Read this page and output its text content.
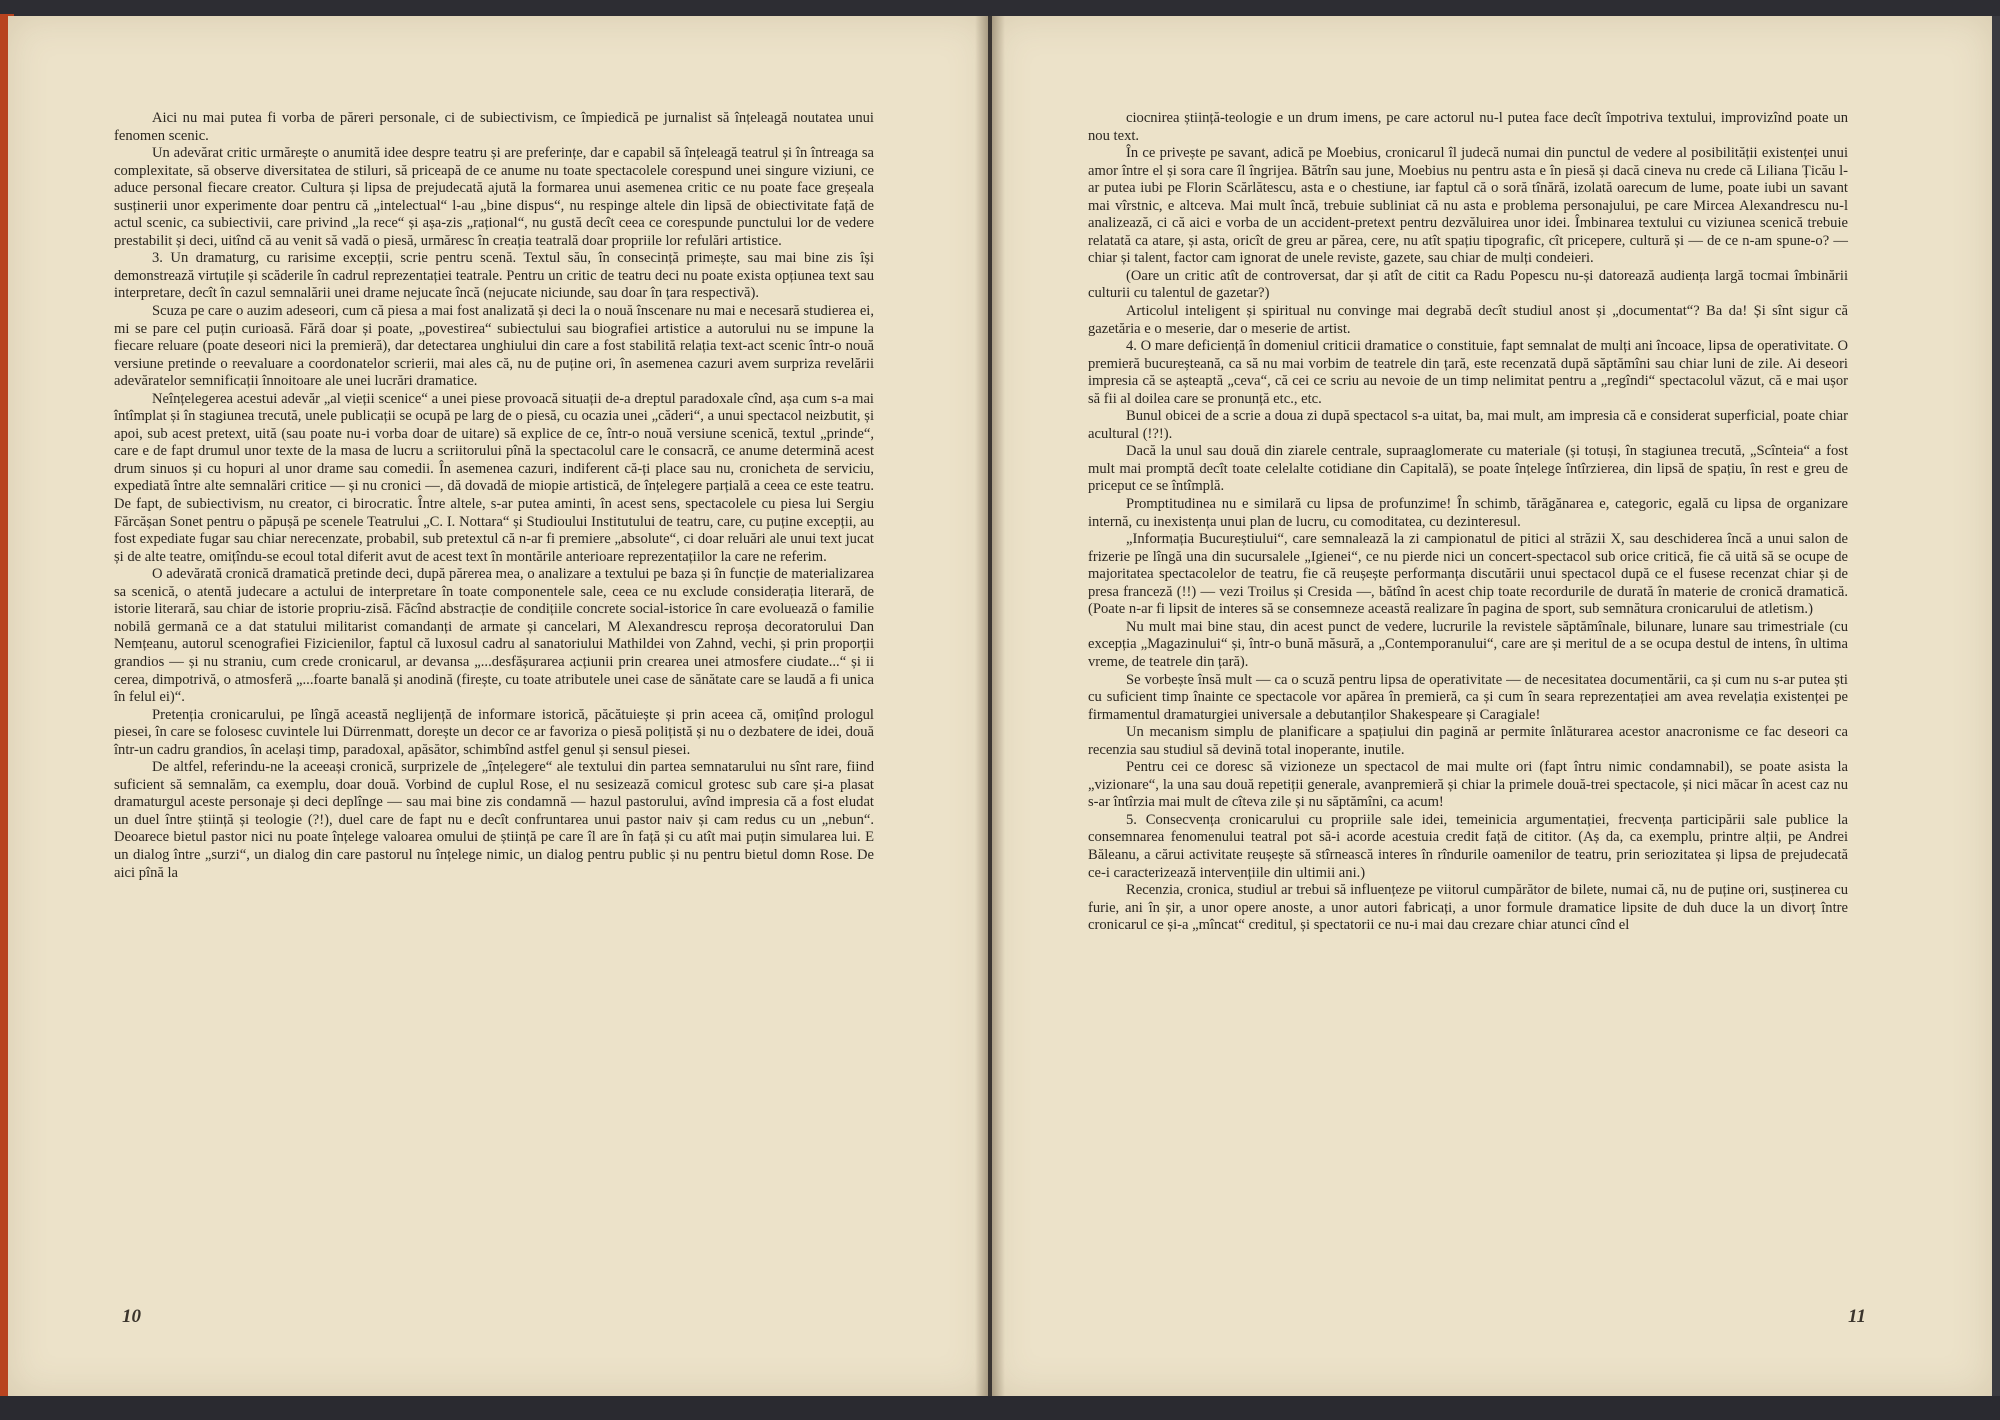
Aici nu mai putea fi vorba de păreri personale, ci de subiectivism, ce împiedică pe jurnalist să înțeleagă noutatea unui fenomen scenic.

Un adevărat critic urmărește o anumită idee despre teatru și are preferințe, dar e capabil să înțeleagă teatrul și în întreaga sa complexitate, să observe diversitatea de stiluri, să priceapă de ce anume nu toate spectacolele corespund unei singure viziuni, ce aduce personal fiecare creator. Cultura și lipsa de prejudecată ajută la formarea unui asemenea critic ce nu poate face greșeala susținerii unor experimente doar pentru că „intelectual“ l-au „bine dispus“, nu respinge altele din lipsă de obiectivitate față de actul scenic, ca subiectivii, care privind „la rece“ și așa-zis „rațional“, nu gustă decît ceea ce corespunde punctului lor de vedere prestabilit și deci, uitînd că au venit să vadă o piesă, urmăresc în creația teatrală doar propriile lor refulări artistice.

3. Un dramaturg, cu rarisime excepții, scrie pentru scenă. Textul său, în consecință primește, sau mai bine zis își demonstrează virtuțile și scăderile în cadrul reprezentației teatrale. Pentru un critic de teatru deci nu poate exista opțiunea text sau interpretare, decît în cazul semnalării unei drame nejucate încă (nejucate niciunde, sau doar în țara respectivă).

Scuza pe care o auzim adeseori, cum că piesa a mai fost analizată și deci la o nouă înscenare nu mai e necesară studierea ei, mi se pare cel puțin curioasă. Fără doar și poate, „povestirea“ subiectului sau biografiei artistice a autorului nu se impune la fiecare reluare (poate deseori nici la premieră), dar detectarea unghiului din care a fost stabilită relația text-act scenic într-o nouă versiune pretinde o reevaluare a coordonatelor scrierii, mai ales că, nu de puține ori, în asemenea cazuri avem surpriza revelării adevăratelor semnificații înnoitoare ale unei lucrări dramatice.

Neînțelegerea acestui adevăr „al vieții scenice“ a unei piese provoacă situații de-a dreptul paradoxale cînd, așa cum s-a mai întîmplat și în stagiunea trecută, unele publicații se ocupă pe larg de o piesă, cu ocazia unei „căderi“, a unui spectacol neizbutit, și apoi, sub acest pretext, uită (sau poate nu-i vorba doar de uitare) să explice de ce, într-o nouă versiune scenică, textul „prinde“, care e de fapt drumul unor texte de la masa de lucru a scriitorului pînă la spectacolul care le consacră, ce anume determină acest drum sinuos și cu hopuri al unor drame sau comedii. În asemenea cazuri, indiferent că-ți place sau nu, cronicheta de serviciu, expediată între alte semnalări critice — și nu cronici —, dă dovadă de miopie artistică, de înțelegere parțială a ceea ce este teatru. De fapt, de subiectivism, nu creator, ci birocratic. Între altele, s-ar putea aminti, în acest sens, spectacolele cu piesa lui Sergiu Fărcășan Sonet pentru o păpușă pe scenele Teatrului „C. I. Nottara“ și Studioului Institutului de teatru, care, cu puține excepții, au fost expediate fugar sau chiar nerecenzate, probabil, sub pretextul că n-ar fi premiere „absolute“, ci doar reluări ale unui text jucat și de alte teatre, omițîndu-se ecoul total diferit avut de acest text în montările anterioare reprezentațiilor la care ne referim.

O adevărată cronică dramatică pretinde deci, după părerea mea, o analizare a textului pe baza și în funcție de materializarea sa scenică, o atentă judecare a actului de interpretare în toate componentele sale, ceea ce nu exclude considerația literară, de istorie literară, sau chiar de istorie propriu-zisă. Făcînd abstracție de condițiile concrete social-istorice în care evoluează o familie nobilă germană ce a dat statului militarist comandanți de armate și cancelari, M Alexandrescu reproșa decoratorului Dan Nemțeanu, autorul scenografiei Fizicienilor, faptul că luxosul cadru al sanatoriului Mathildei von Zahnd, vechi, și prin proporții grandios — și nu straniu, cum crede cronicarul, ar devansa „...desfășurarea acțiunii prin crearea unei atmosfere ciudate...“ și ii cerea, dimpotrivă, o atmosferă „...foarte banală și anodină (firește, cu toate atributele unei case de sănătate care se laudă a fi unica în felul ei)“.

Pretenția cronicarului, pe lîngă această neglijență de informare istorică, păcătuiește și prin aceea că, omițînd prologul piesei, în care se folosesc cuvintele lui Dürrenmatt, dorește un decor ce ar favoriza o piesă polițistă și nu o dezbatere de idei, două într-un cadru grandios, în același timp, paradoxal, apăsător, schimbînd astfel genul și sensul piesei.

De altfel, referindu-ne la aceeași cronică, surprizele de „înțelegere“ ale textului din partea semnatarului nu sînt rare, fiind suficient să semnalăm, ca exemplu, doar două. Vorbind de cuplul Rose, el nu sesizează comicul grotesc sub care și-a plasat dramaturgul aceste personaje și deci deplînge — sau mai bine zis condamnă — hazul pastorului, avînd impresia că a fost eludat un duel între știință și teologie (?!), duel care de fapt nu e decît confruntarea unui pastor naiv și cam redus cu un „nebun“. Deoarece bietul pastor nici nu poate înțelege valoarea omului de știință pe care îl are în față și cu atît mai puțin simularea lui. E un dialog între „surzi“, un dialog din care pastorul nu înțelege nimic, un dialog pentru public și nu pentru bietul domn Rose. De aici pînă la

10

ciocnirea știință-teologie e un drum imens, pe care actorul nu-l putea face decît împotriva textului, improvizînd poate un nou text.

În ce privește pe savant, adică pe Moebius, cronicarul îl judecă numai din punctul de vedere al posibilității existenței unui amor între el și sora care îl îngrijea. Bătrîn sau june, Moebius nu pentru asta e în piesă și dacă cineva nu crede că Liliana Țicău l-ar putea iubi pe Florin Scărlătescu, asta e o chestiune, iar faptul că o soră tînără, izolată oarecum de lume, poate iubi un savant mai vîrstnic, e altceva. Mai mult încă, trebuie subliniat că nu asta e problema personajului, pe care Mircea Alexandrescu nu-l analizează, ci că aici e vorba de un accident-pretext pentru dezvăluirea unor idei. Îmbinarea textului cu viziunea scenică trebuie relatată ca atare, și asta, oricît de greu ar părea, cere, nu atît spațiu tipografic, cît pricepere, cultură și — de ce n-am spune-o? — chiar și talent, factor cam ignorat de unele reviste, gazete, sau chiar de mulți condeieri.

(Oare un critic atît de controversat, dar și atît de citit ca Radu Popescu nu-și datorează audiența largă tocmai îmbinării culturii cu talentul de gazetar?)

Articolul inteligent și spiritual nu convinge mai degrabă decît studiul anost și „documentat“? Ba da! Și sînt sigur că gazetăria e o meserie, dar o meserie de artist.

4. O mare deficiență în domeniul criticii dramatice o constituie, fapt semnalat de mulți ani încoace, lipsa de operativitate. O premieră bucureșteană, ca să nu mai vorbim de teatrele din țară, este recenzată după săptămîni sau chiar luni de zile. Ai deseori impresia că se așteaptă „ceva“, că cei ce scriu au nevoie de un timp nelimitat pentru a „regîndi“ spectacolul văzut, că e mai ușor să fii al doilea care se pronunță etc., etc.

Bunul obicei de a scrie a doua zi după spectacol s-a uitat, ba, mai mult, am impresia că e considerat superficial, poate chiar acultural (!?!).

Dacă la unul sau două din ziarele centrale, supraaglomerate cu materiale (și totuși, în stagiunea trecută, „Scînteia“ a fost mult mai promptă decît toate celelalte cotidiane din Capitală), se poate înțelege întîrzierea, din lipsă de spațiu, în rest e greu de priceput ce se întîmplă.

Promptitudinea nu e similară cu lipsa de profunzime! În schimb, tărăgănarea e, categoric, egală cu lipsa de organizare internă, cu inexistența unui plan de lucru, cu comoditatea, cu dezinteresul.

„Informația Bucureștiului“, care semnalează la zi campionatul de pitici al străzii X, sau deschiderea încă a unui salon de frizerie pe lîngă una din sucursalele „Igienei“, ce nu pierde nici un concert-spectacol sub orice critică, fie că uită să se ocupe de majoritatea spectacolelor de teatru, fie că reușește performanța discutării unui spectacol după ce el fusese recenzat chiar și de presa franceză (!!) — vezi Troilus și Cresida —, bătînd în acest chip toate recordurile de durată în materie de cronică dramatică. (Poate n-ar fi lipsit de interes să se consemneze această realizare în pagina de sport, sub semnătura cronicarului de atletism.)

Nu mult mai bine stau, din acest punct de vedere, lucrurile la revistele săptămînale, bilunare, lunare sau trimestriale (cu excepția „Magazinului“ și, într-o bună măsură, a „Contemporanului“, care are și meritul de a se ocupa destul de intens, în ultima vreme, de teatrele din țară).

Se vorbește însă mult — ca o scuză pentru lipsa de operativitate — de necesitatea documentării, ca și cum nu s-ar putea ști cu suficient timp înainte ce spectacole vor apărea în premieră, ca și cum în seara reprezentației am avea revelația existenței pe firmamentul dramaturgiei universale a debutanților Shakespeare și Caragiale!

Un mecanism simplu de planificare a spațiului din pagină ar permite înlăturarea acestor anacronisme ce fac deseori ca recenzia sau studiul să devină total inoperante, inutile.

Pentru cei ce doresc să vizioneze un spectacol de mai multe ori (fapt întru nimic condamnabil), se poate asista la „vizionare“, la una sau două repetiții generale, avanpremieră și chiar la primele două-trei spectacole, și nici măcar în acest caz nu s-ar întîrzia mai mult de cîteva zile și nu săptămîni, ca acum!

5. Consecvența cronicarului cu propriile sale idei, temeinicia argumentației, frecvența participării sale publice la consemnarea fenomenului teatral pot să-i acorde acestuia credit față de cititor. (Aș da, ca exemplu, printre alții, pe Andrei Băleanu, a cărui activitate reușește să stîrnească interes în rîndurile oamenilor de teatru, prin seriozitatea și lipsa de prejudecată ce-i caracterizează intervențiile din ultimii ani.)

Recenzia, cronica, studiul ar trebui să influențeze pe viitorul cumpărător de bilete, numai că, nu de puține ori, susținerea cu furie, ani în șir, a unor opere anoste, a unor autori fabricați, a unor formule dramatice lipsite de duh duce la un divorț între cronicarul ce și-a „mîncat“ creditul, și spectatorii ce nu-i mai dau crezare chiar atunci cînd el

11
